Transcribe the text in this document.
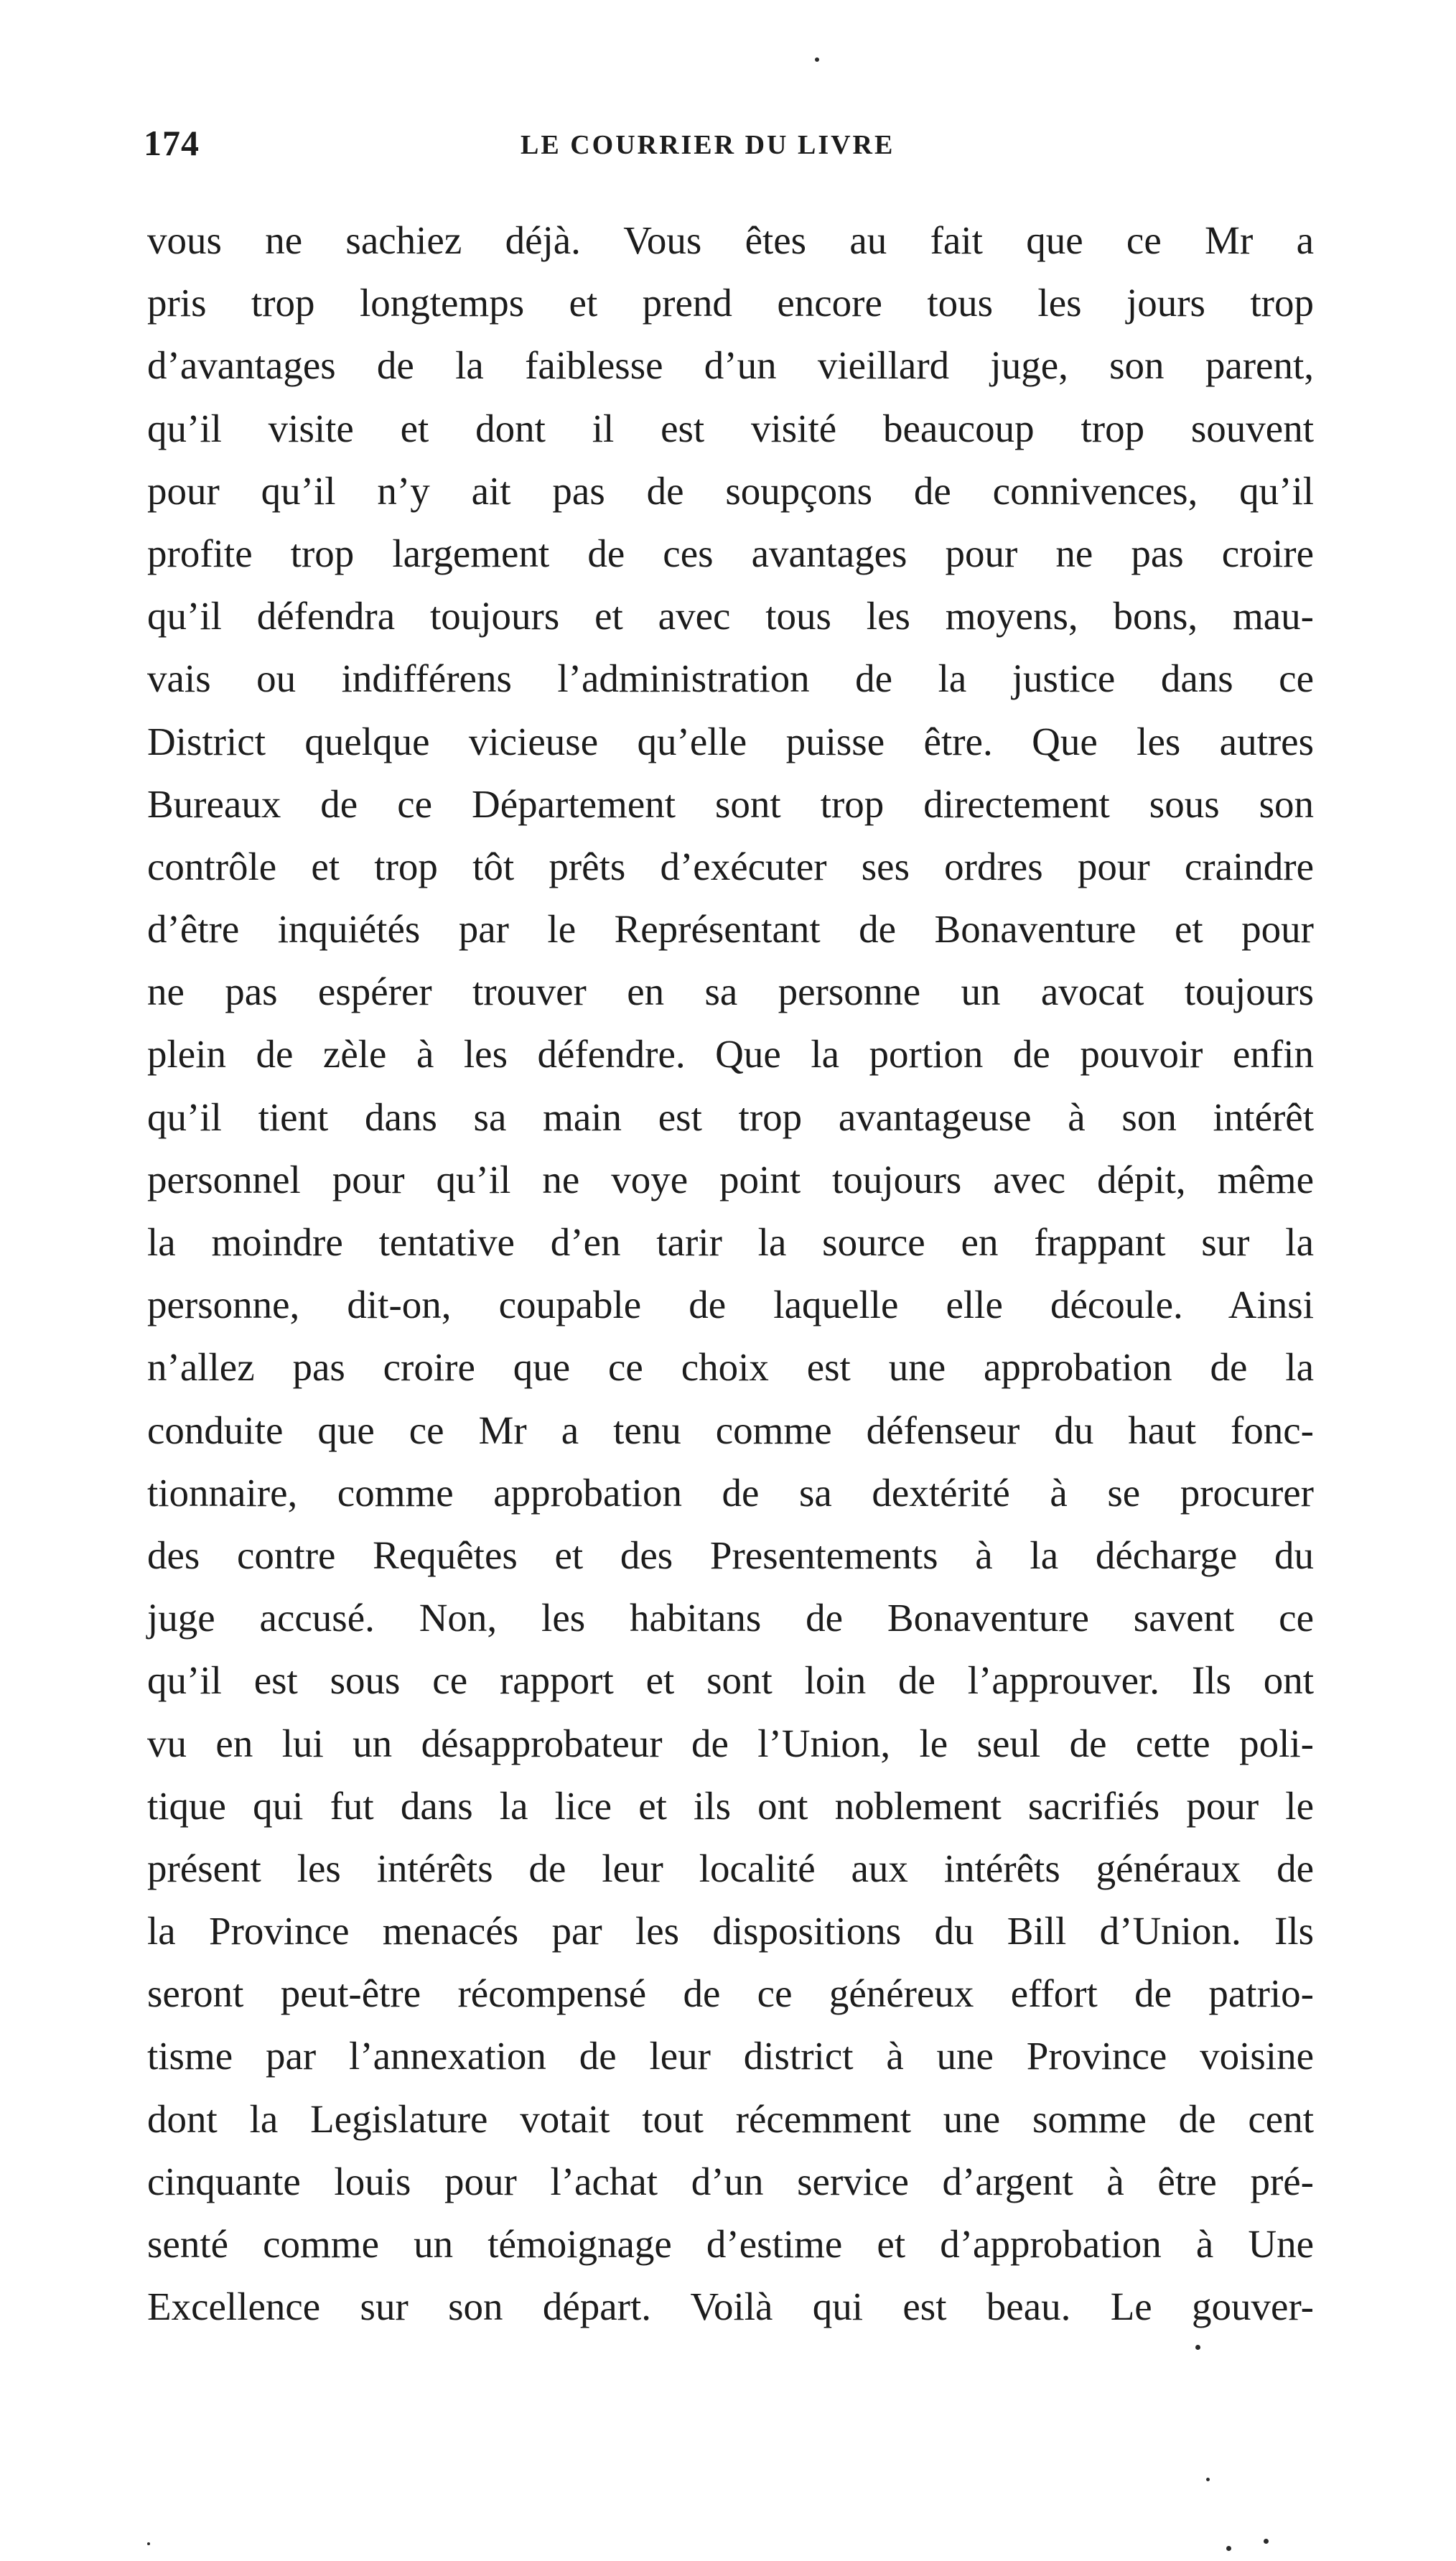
174	LE COURRIER DU LIVRE
vous ne sachiez déjà. Vous êtes au fait que ce Mr a
pris trop longtemps et prend encore tous les jours trop
d’avantages de la faiblesse d’un vieillard juge, son parent,
qu’il visite et dont il est visité beaucoup trop souvent
pour qu’il n’y ait pas de soupçons de connivences, qu’il
profite trop largement de ces avantages pour ne pas croire
qu’il défendra toujours et avec tous les moyens, bons, mau-
vais ou indifférens l’administration de la justice dans ce
District quelque vicieuse qu’elle puisse être. Que les autres
Bureaux de ce Département sont trop directement sous son
contrôle et trop tôt prêts d’exécuter ses ordres pour craindre
d’être inquiétés par le Représentant de Bonaventure et pour
ne pas espérer trouver en sa personne un avocat toujours
plein de zèle à les défendre. Que la portion de pouvoir enfin
qu’il tient dans sa main est trop avantageuse à son intérêt
personnel pour qu’il ne voye point toujours avec dépit, même
la moindre tentative d’en tarir la source en frappant sur la
personne, dit-on, coupable de laquelle elle découle. Ainsi
n’allez pas croire que ce choix est une approbation de la
conduite que ce Mr a tenu comme défenseur du haut fonc-
tionnaire, comme approbation de sa dextérité à se procurer
des contre Requêtes et des Presentements à la décharge du
juge accusé. Non, les habitans de Bonaventure savent ce
qu’il est sous ce rapport et sont loin de l’approuver. Ils ont
vu en lui un désapprobateur de l’Union, le seul de cette poli-
tique qui fut dans la lice et ils ont noblement sacrifiés pour le
présent les intérêts de leur localité aux intérêts généraux de
la Province menacés par les dispositions du Bill d’Union. Ils
seront peut-être récompensé de ce généreux effort de patrio-
tisme par l’annexation de leur district à une Province voisine
dont la Legislature votait tout récemment une somme de cent
cinquante louis pour l’achat d’un service d’argent à être pré-
senté comme un témoignage d’estime et d’approbation à Une
Excellence sur son départ. Voilà qui est beau. Le gouver-
